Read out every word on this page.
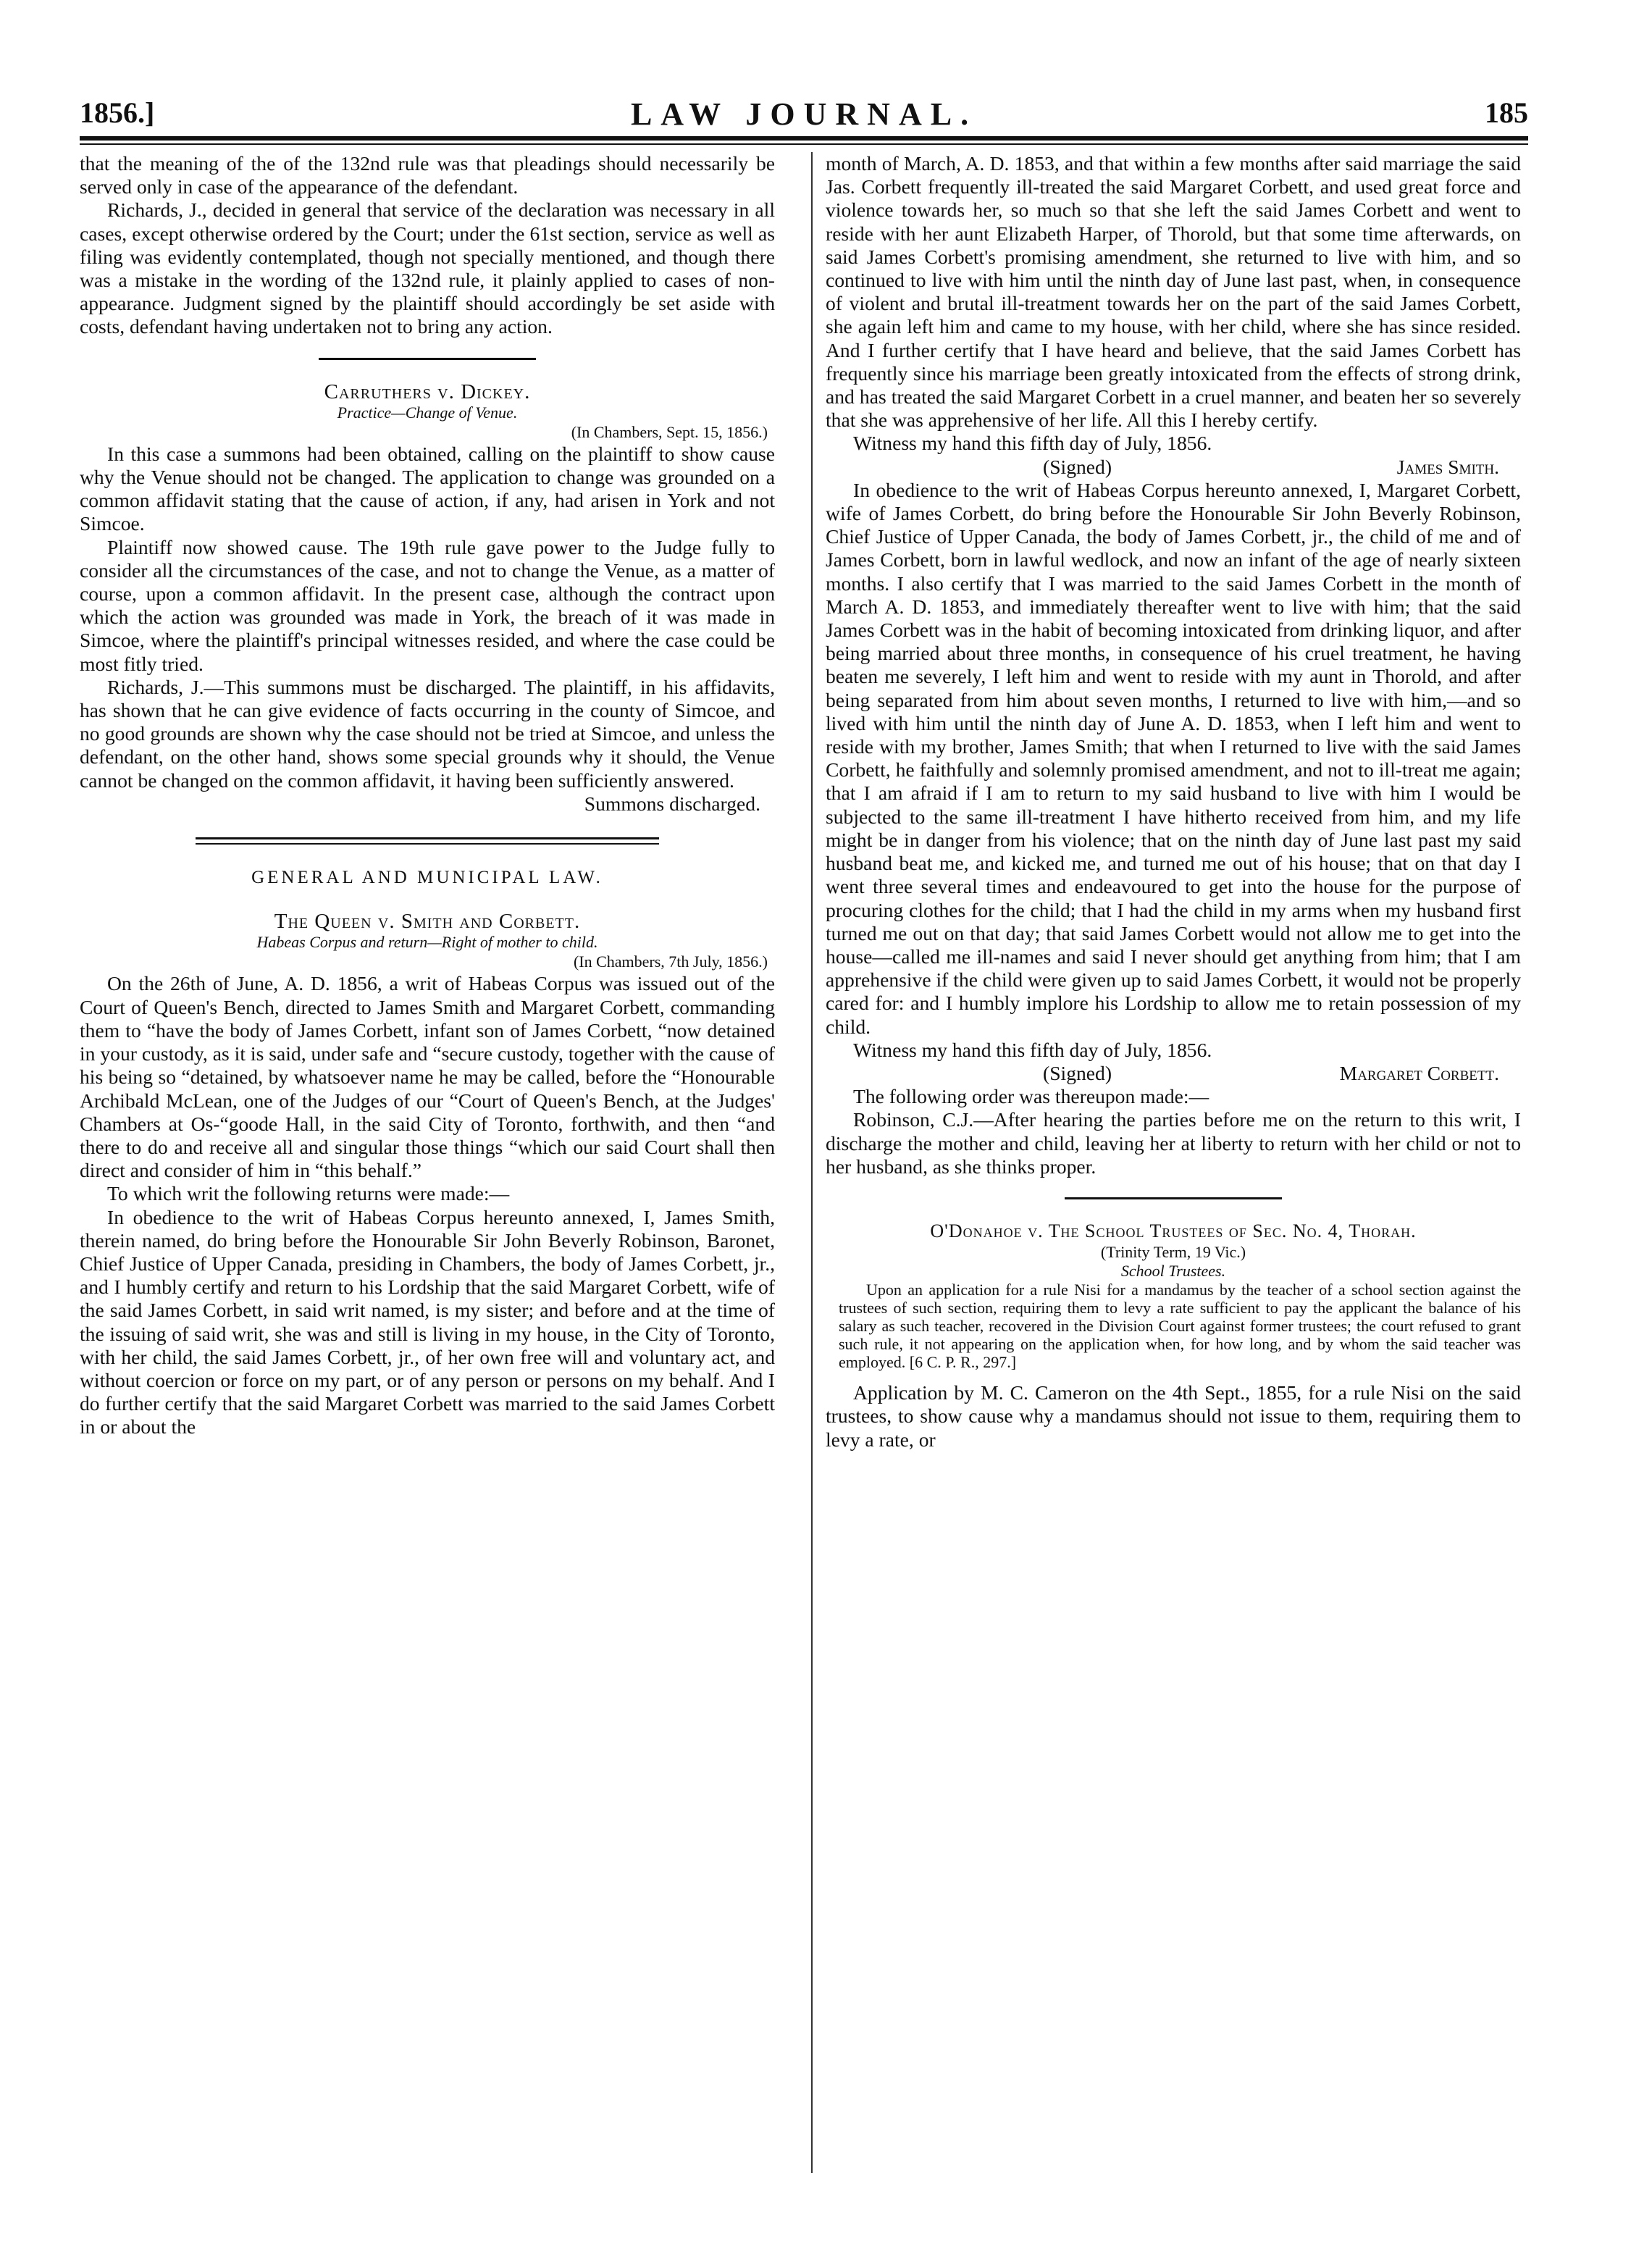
1856.]	LAW JOURNAL.	185

that the meaning of the of the 132nd rule was that pleadings should necessarily be served only in case of the appearance of the defendant.

Richards, J., decided in general that service of the declaration was necessary in all cases, except otherwise ordered by the Court; under the 61st section, service as well as filing was evidently contemplated, though not specially mentioned, and though there was a mistake in the wording of the 132nd rule, it plainly applied to cases of non-appearance. Judgment signed by the plaintiff should accordingly be set aside with costs, defendant having undertaken not to bring any action.

Carruthers v. Dickey.
Practice—Change of Venue.
(In Chambers, Sept. 15, 1856.)

In this case a summons had been obtained, calling on the plaintiff to show cause why the Venue should not be changed. The application to change was grounded on a common affidavit stating that the cause of action, if any, had arisen in York and not Simcoe.

Plaintiff now showed cause. The 19th rule gave power to the Judge fully to consider all the circumstances of the case, and not to change the Venue, as a matter of course, upon a common affidavit. In the present case, although the contract upon which the action was grounded was made in York, the breach of it was made in Simcoe, where the plaintiff's principal witnesses resided, and where the case could be most fitly tried.

Richards, J.—This summons must be discharged. The plaintiff, in his affidavits, has shown that he can give evidence of facts occurring in the county of Simcoe, and no good grounds are shown why the case should not be tried at Simcoe, and unless the defendant, on the other hand, shows some special grounds why it should, the Venue cannot be changed on the common affidavit, it having been sufficiently answered.

Summons discharged.
GENERAL AND MUNICIPAL LAW.
The Queen v. Smith and Corbett.
Habeas Corpus and return—Right of mother to child.
(In Chambers, 7th July, 1856.)

On the 26th of June, A. D. 1856, a writ of Habeas Corpus was issued out of the Court of Queen's Bench, directed to James Smith and Margaret Corbett, commanding them to “have the body of James Corbett, infant son of James Corbett, “now detained in your custody, as it is said, under safe and “secure custody, together with the cause of his being so “detained, by whatsoever name he may be called, before the “Honourable Archibald McLean, one of the Judges of our “Court of Queen's Bench, at the Judges' Chambers at Os-“goode Hall, in the said City of Toronto, forthwith, and then “and there to do and receive all and singular those things “which our said Court shall then direct and consider of him in “this behalf.”

To which writ the following returns were made:—

In obedience to the writ of Habeas Corpus hereunto annexed, I, James Smith, therein named, do bring before the Honourable Sir John Beverly Robinson, Baronet, Chief Justice of Upper Canada, presiding in Chambers, the body of James Corbett, jr., and I humbly certify and return to his Lordship that the said Margaret Corbett, wife of the said James Corbett, in said writ named, is my sister; and before and at the time of the issuing of said writ, she was and still is living in my house, in the City of Toronto, with her child, the said James Corbett, jr., of her own free will and voluntary act, and without coercion or force on my part, or of any person or persons on my behalf. And I do further certify that the said Margaret Corbett was married to the said James Corbett in or about the

month of March, A. D. 1853, and that within a few months after said marriage the said Jas. Corbett frequently ill-treated the said Margaret Corbett, and used great force and violence towards her, so much so that she left the said James Corbett and went to reside with her aunt Elizabeth Harper, of Thorold, but that some time afterwards, on said James Corbett's promising amendment, she returned to live with him, and so continued to live with him until the ninth day of June last past, when, in consequence of violent and brutal ill-treatment towards her on the part of the said James Corbett, she again left him and came to my house, with her child, where she has since resided. And I further certify that I have heard and believe, that the said James Corbett has frequently since his marriage been greatly intoxicated from the effects of strong drink, and has treated the said Margaret Corbett in a cruel manner, and beaten her so severely that she was apprehensive of her life. All this I hereby certify.

Witness my hand this fifth day of July, 1856.

(Signed)	James Smith.

In obedience to the writ of Habeas Corpus hereunto annexed, I, Margaret Corbett, wife of James Corbett, do bring before the Honourable Sir John Beverly Robinson, Chief Justice of Upper Canada, the body of James Corbett, jr., the child of me and of James Corbett, born in lawful wedlock, and now an infant of the age of nearly sixteen months. I also certify that I was married to the said James Corbett in the month of March A. D. 1853, and immediately thereafter went to live with him; that the said James Corbett was in the habit of becoming intoxicated from drinking liquor, and after being married about three months, in consequence of his cruel treatment, he having beaten me severely, I left him and went to reside with my aunt in Thorold, and after being separated from him about seven months, I returned to live with him,—and so lived with him until the ninth day of June A. D. 1853, when I left him and went to reside with my brother, James Smith; that when I returned to live with the said James Corbett, he faithfully and solemnly promised amendment, and not to ill-treat me again; that I am afraid if I am to return to my said husband to live with him I would be subjected to the same ill-treatment I have hitherto received from him, and my life might be in danger from his violence; that on the ninth day of June last past my said husband beat me, and kicked me, and turned me out of his house; that on that day I went three several times and endeavoured to get into the house for the purpose of procuring clothes for the child; that I had the child in my arms when my husband first turned me out on that day; that said James Corbett would not allow me to get into the house—called me ill-names and said I never should get anything from him; that I am apprehensive if the child were given up to said James Corbett, it would not be properly cared for: and I humbly implore his Lordship to allow me to retain possession of my child.

Witness my hand this fifth day of July, 1856.

(Signed)	Margaret Corbett.

The following order was thereupon made:—

Robinson, C.J.—After hearing the parties before me on the return to this writ, I discharge the mother and child, leaving her at liberty to return with her child or not to her husband, as she thinks proper.

O'Donahoe v. The School Trustees of Sec. No. 4, Thorah.
(Trinity Term, 19 Vic.)
School Trustees.

Upon an application for a rule Nisi for a mandamus by the teacher of a school section against the trustees of such section, requiring them to levy a rate sufficient to pay the applicant the balance of his salary as such teacher, recovered in the Division Court against former trustees; the court refused to grant such rule, it not appearing on the application when, for how long, and by whom the said teacher was employed. [6 C. P. R., 297.]

Application by M. C. Cameron on the 4th Sept., 1855, for a rule Nisi on the said trustees, to show cause why a mandamus should not issue to them, requiring them to levy a rate, or
